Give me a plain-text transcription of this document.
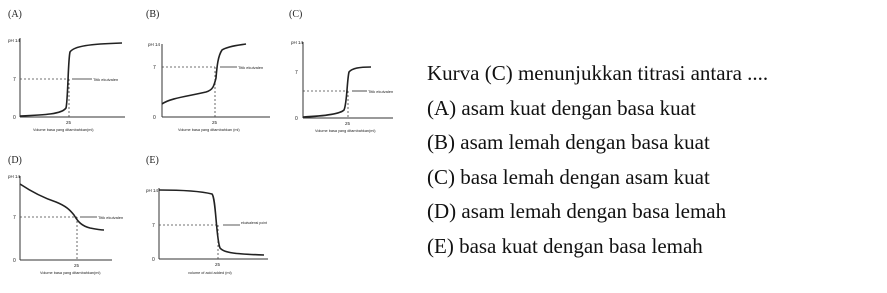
(A)
pH 14
7
0
Titik ekuivalen
25
Volume basa yang ditambahkan(ml)
(B)
pH 14
7
0
Titik ekuivalen
25
Volume basa yang ditambahkan (ml)
(C)
pH 14
7
0
Titik ekuivalen
25
Volume basa yang ditambahkan(ml)
(D)
pH 14
7
0
Titik ekuivalen
25
Volume basa yang ditambahkan(ml)
(E)
pH 14
7
0
ekuivalensi point
25
volume of acid added (ml)
Kurva (C) menunjukkan titrasi antara ....
(A) asam kuat dengan basa kuat
(B) asam lemah dengan basa kuat
(C) basa lemah dengan asam kuat
(D) asam lemah dengan basa lemah
(E) basa kuat dengan basa lemah
